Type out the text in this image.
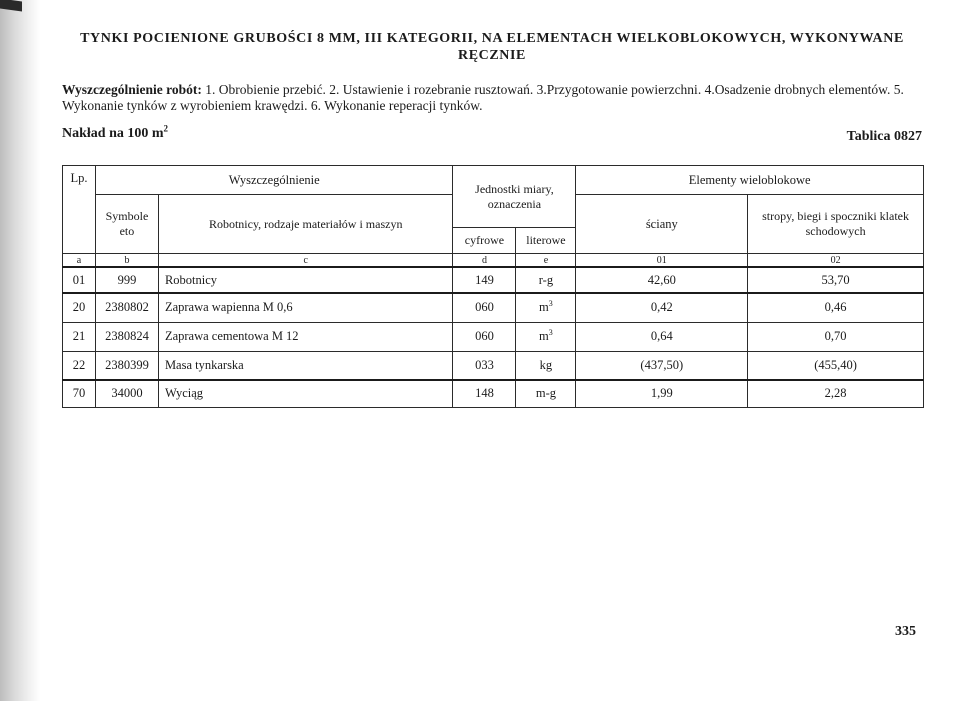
TYNKI POCIENIONE GRUBOŚCI 8 MM, III KATEGORII, NA ELEMENTACH WIELKOBLOKOWYCH, WYKONYWANE
RĘCZNIE
Wyszczególnienie robót: 1. Obrobienie przebić. 2. Ustawienie i rozebranie rusztowań. 3.Przygotowanie powierzchni. 4.Osadzenie drobnych elementów. 5. Wykonanie tynków z wyrobieniem krawędzi. 6. Wykonanie reperacji tynków.
Nakład na 100 $m^2$
Tablica 0827
Lp.	Wyszczególnienie		Jednostki miary, oznaczenia		Elementy wieloblokowe	
	Symbole eto	Robotnicy, rodzaje materiałów i maszyn			ściany	stropy, biegi i spoczniki klatek schodowych
			cyfrowe	literowe		
a	b	c	d	e	01	02
01	999	Robotnicy	149	r-g	42,60	53,70
20	2380802	Zaprawa wapienna M 0,6	060	$m^3$	0,42	0,46
21	2380824	Zaprawa cementowa M 12	060	$m^3$	0,64	0,70
22	2380399	Masa tynkarska	033	kg	(437,50)	(455,40)
70	34000	Wyciąg	148	m-g	1,99	2,28
335
